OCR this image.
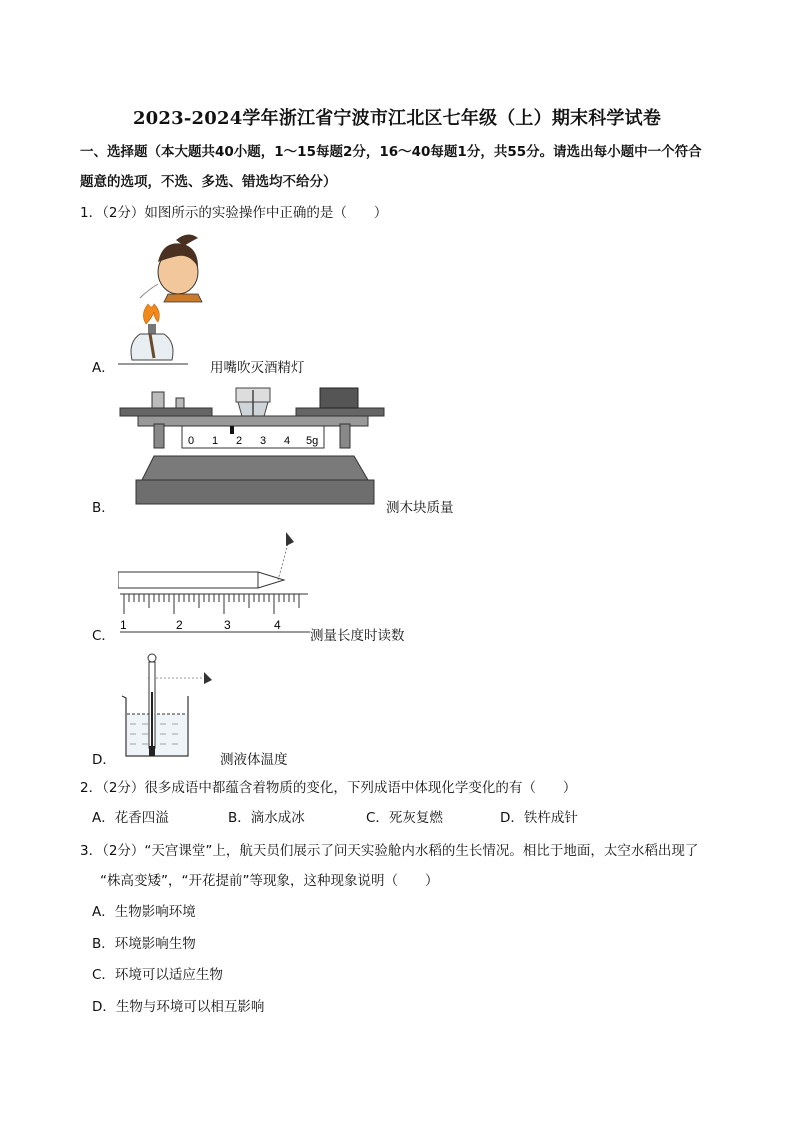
2023-2024学年浙江省宁波市江北区七年级（上）期末科学试卷
一、选择题（本大题共40小题，1～15每题2分，16～40每题1分，共55分。请选出每小题中一个符合
题意的选项，不选、多选、错选均不给分）
1．（2分）如图所示的实验操作中正确的是（　　）
A．	用嘴吹灭酒精灯
B．
0 1 2 3 4 5g
测木块质量
C．
1	2	3	4
测量长度时读数
D．	测液体温度
2．（2分）很多成语中都蕴含着物质的变化，下列成语中体现化学变化的有（　　）
A．花香四溢	B．滴水成冰	C．死灰复燃	D．铁杵成针
3．（2分）“天宫课堂”上，航天员们展示了问天实验舱内水稻的生长情况。相比于地面，太空水稻出现了
“株高变矮”，“开花提前”等现象，这种现象说明（　　）
A．生物影响环境
B．环境影响生物
C．环境可以适应生物
D．生物与环境可以相互影响
